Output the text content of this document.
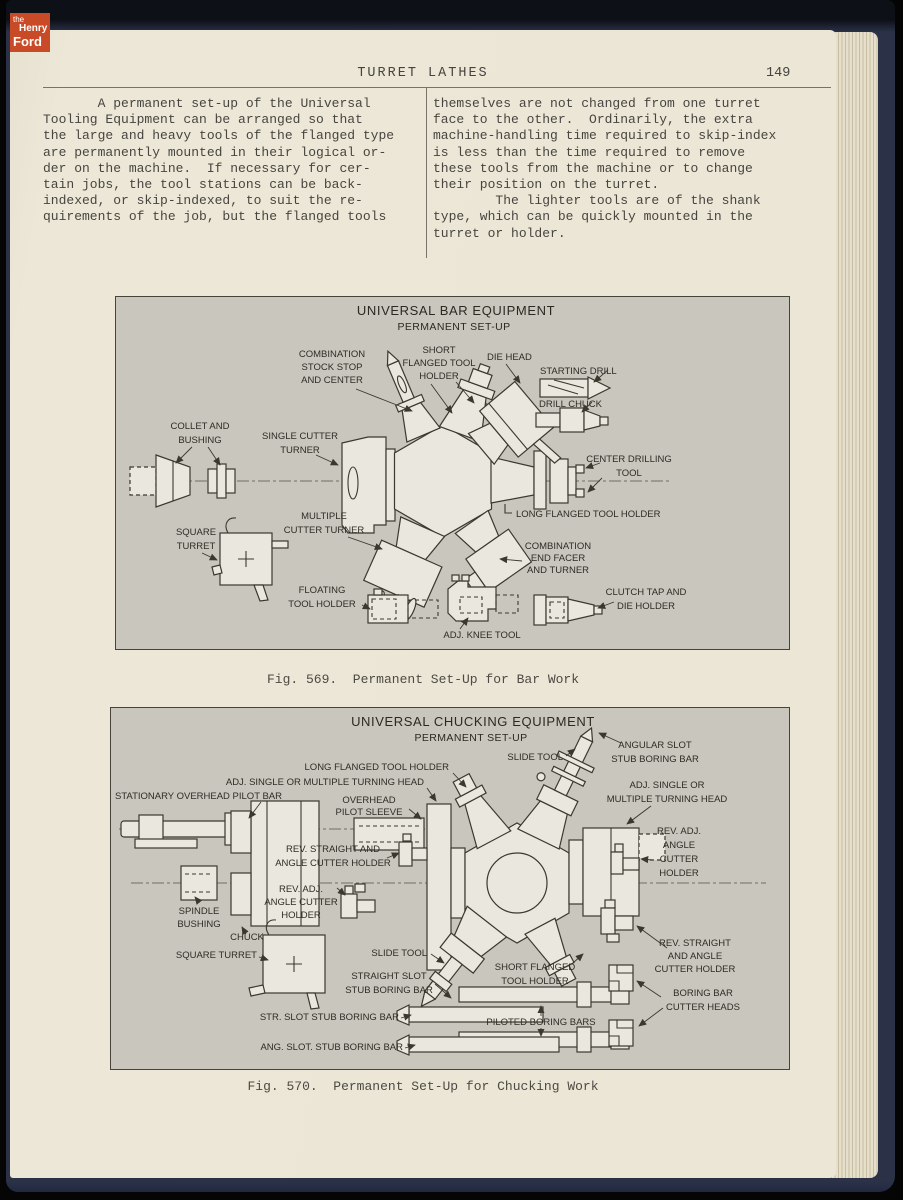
TURRET LATHES	149
A permanent set-up of the Universal
Tooling Equipment can be arranged so that
the large and heavy tools of the flanged type
are permanently mounted in their logical or-
der on the machine.  If necessary for cer-
tain jobs, the tool stations can be back-
indexed, or skip-indexed, to suit the re-
quirements of the job, but the flanged tools
themselves are not changed from one turret
face to the other.  Ordinarily, the extra
machine-handling time required to skip-index
is less than the time required to remove
these tools from the machine or to change
their position on the turret.
The lighter tools are of the shank
type, which can be quickly mounted in the
turret or holder.
UNIVERSAL BAR EQUIPMENT
PERMANENT SET-UP
COMBINATION
STOCK STOP
AND CENTER
SHORT
FLANGED TOOL
HOLDER
DIE HEAD
STARTING DRILL
DRILL CHUCK
CENTER DRILLING
TOOL
COLLET AND
BUSHING	SINGLE CUTTER
TURNER
MULTIPLE
CUTTER TURNER
SQUARE
TURRET
LONG FLANGED TOOL HOLDER
COMBINATION
END FACER
AND TURNER
FLOATING
TOOL HOLDER
ADJ. KNEE TOOL
CLUTCH TAP AND
DIE HOLDER
Fig. 569.  Permanent Set-Up for Bar Work
UNIVERSAL CHUCKING EQUIPMENT
PERMANENT SET-UP
LONG FLANGED TOOL HOLDER
ADJ. SINGLE OR MULTIPLE TURNING HEAD
STATIONARY OVERHEAD PILOT BAR	OVERHEAD
PILOT SLEEVE
SLIDE TOOL
ANGULAR SLOT
STUB BORING BAR
ADJ. SINGLE OR
MULTIPLE TURNING HEAD
REV. STRAIGHT AND
ANGLE CUTTER HOLDER
REV. ADJ.
ANGLE
CUTTER
HOLDER
SPINDLE
BUSHING
REV. ADJ.
ANGLE CUTTER
HOLDER
CHUCK
SQUARE TURRET	SLIDE TOOL
SHORT FLANGED
TOOL HOLDER
REV. STRAIGHT
AND ANGLE
CUTTER HOLDER
STRAIGHT SLOT
STUB BORING BAR	BORING BAR
CUTTER HEADS
STR. SLOT STUB BORING BAR	PILOTED BORING BARS
ANG. SLOT. STUB BORING BAR
Fig. 570.  Permanent Set-Up for Chucking Work
the
Henry
Ford
